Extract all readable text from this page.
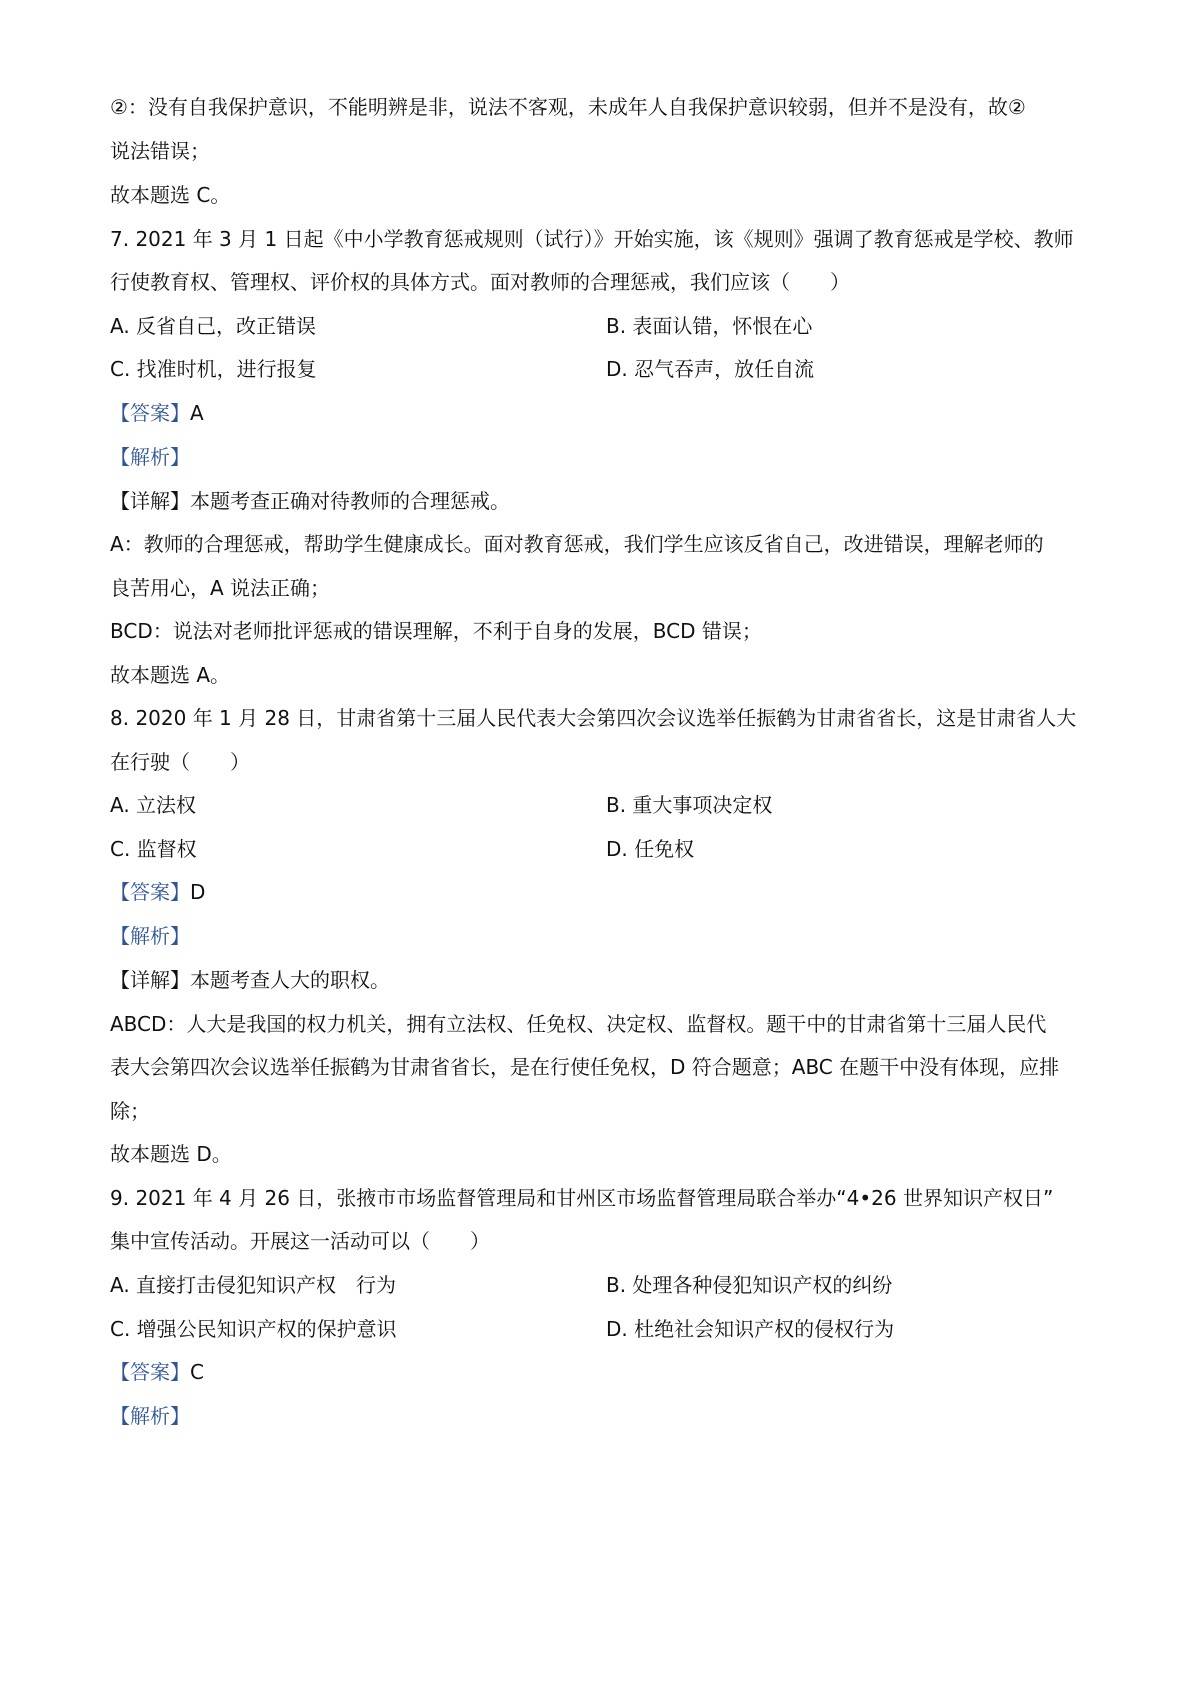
②：没有自我保护意识，不能明辨是非，说法不客观，未成年人自我保护意识较弱，但并不是没有，故②
说法错误；
故本题选 C。
7. 2021 年 3 月 1 日起《中小学教育惩戒规则（试行）》开始实施，该《规则》强调了教育惩戒是学校、教师
行使教育权、管理权、评价权的具体方式。面对教师的合理惩戒，我们应该（　　）
A. 反省自己，改正错误	B. 表面认错，怀恨在心
C. 找准时机，进行报复	D. 忍气吞声，放任自流
【答案】A
【解析】
【详解】本题考查正确对待教师的合理惩戒。
A：教师的合理惩戒，帮助学生健康成长。面对教育惩戒，我们学生应该反省自己，改进错误，理解老师的
良苦用心，A 说法正确；
BCD：说法对老师批评惩戒的错误理解，不利于自身的发展，BCD 错误；
故本题选 A。
8. 2020 年 1 月 28 日，甘肃省第十三届人民代表大会第四次会议选举任振鹤为甘肃省省长，这是甘肃省人大
在行驶（　　）
A. 立法权	B. 重大事项决定权
C. 监督权	D. 任免权
【答案】D
【解析】
【详解】本题考查人大的职权。
ABCD：人大是我国的权力机关，拥有立法权、任免权、决定权、监督权。题干中的甘肃省第十三届人民代
表大会第四次会议选举任振鹤为甘肃省省长，是在行使任免权，D 符合题意；ABC 在题干中没有体现，应排
除；
故本题选 D。
9. 2021 年 4 月 26 日，张掖市市场监督管理局和甘州区市场监督管理局联合举办“4•26 世界知识产权日”
集中宣传活动。开展这一活动可以（　　）
A. 直接打击侵犯知识产权　行为	B. 处理各种侵犯知识产权的纠纷
C. 增强公民知识产权的保护意识	D. 杜绝社会知识产权的侵权行为
【答案】C
【解析】
